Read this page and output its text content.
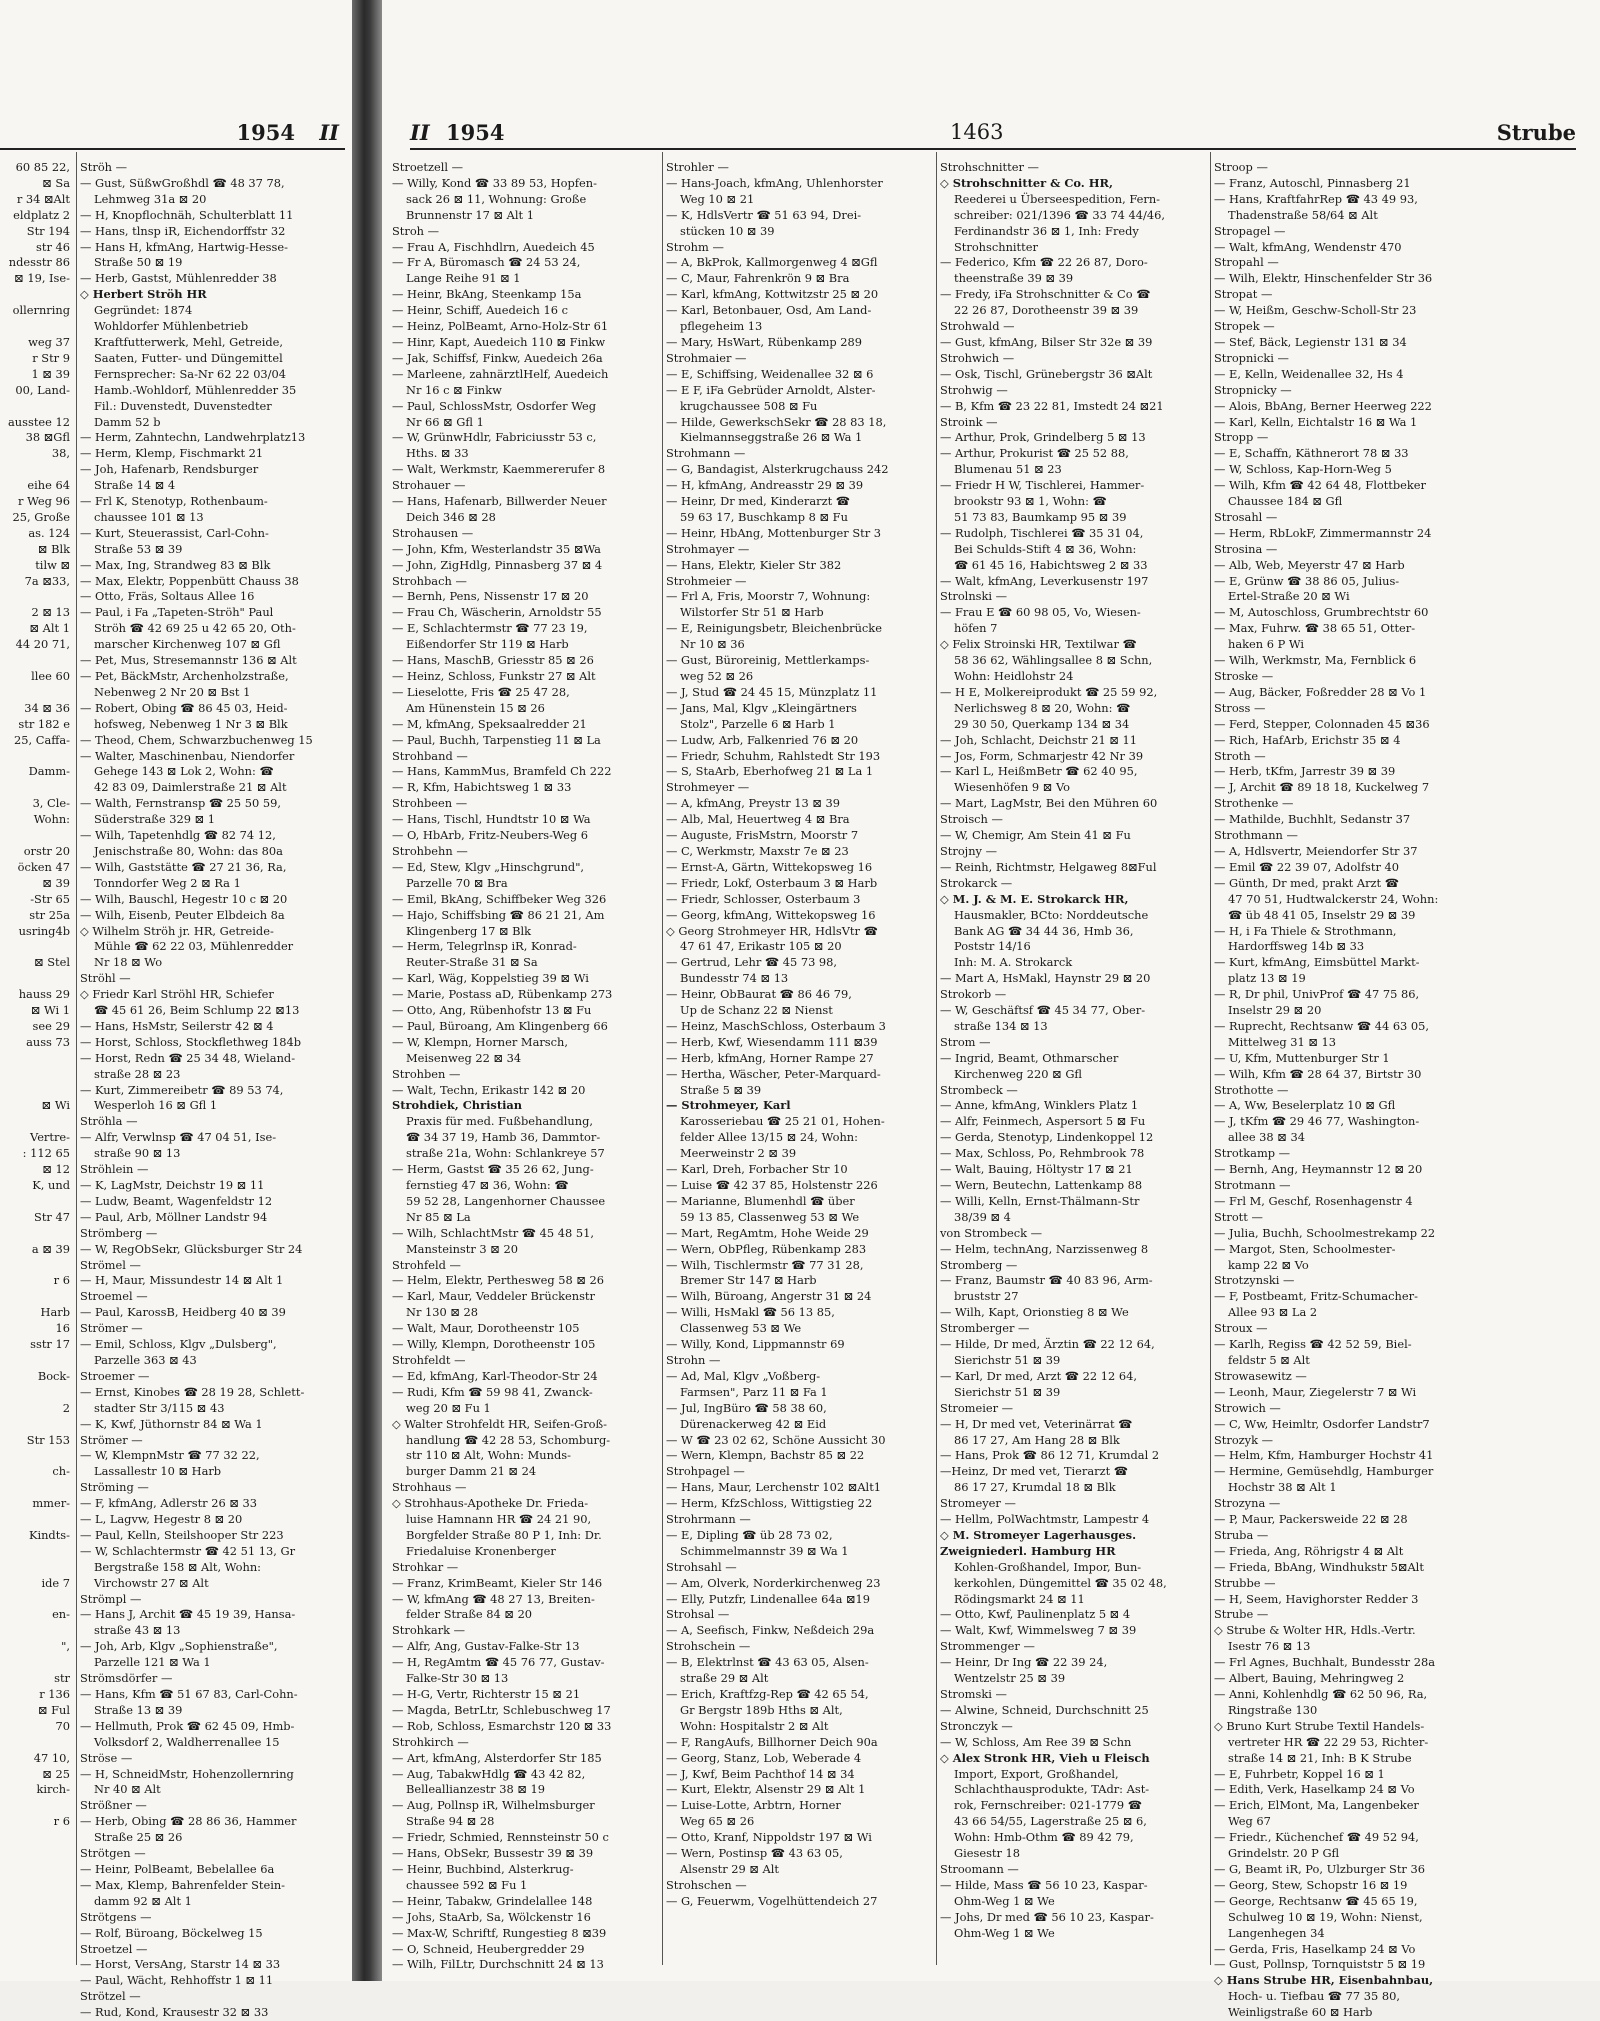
1954 II
60 85 22,
⊠ Sa
r 34 ⊠Alt
eldplatz 2
Str 194
str 46
ndesstr 86
⊠ 19, Ise-

ollernring

weg 37
r Str 9
1 ⊠ 39
00, Land-

ausstee 12
38 ⊠Gfl
38,

eihe 64
r Weg 96
25, Große
as. 124
⊠ Blk
tilw ⊠
7a ⊠33,

2 ⊠ 13
⊠ Alt 1
44 20 71,

llee 60

34 ⊠ 36
str 182 e
25, Caffa-

Damm-

3, Cle-
Wohn:

orstr 20
öcken 47
⊠ 39
-Str 65
str 25a
usring4b

⊠ Stel

hauss 29
⊠ Wi 1
see 29
auss 73

⊠ Wi

Vertre-
: 112 65
⊠ 12
K, und

Str 47

a ⊠ 39

r 6

Harb
16
sstr 17

Bock-

2

Str 153

ch-

mmer-

Kindts-

ide 7

en-

",

str
r 136
⊠ Ful
70

47 10,
⊠ 25
kirch-

r 6
Ströh —
— Gust, SüßwGroßhdl ☎ 48 37 78,
Lehmweg 31a ⊠ 20
— H, Knopflochnäh, Schulterblatt 11
— Hans, tlnsp iR, Eichendorffstr 32
— Hans H, kfmAng, Hartwig-Hesse-
Straße 50 ⊠ 19
— Herb, Gastst, Mühlenredder 38
◇ Herbert Ströh HR
Gegründet: 1874
Wohldorfer Mühlenbetrieb
Kraftfutterwerk, Mehl, Getreide,
Saaten, Futter- und Düngemittel
Fernsprecher: Sa-Nr 62 22 03/04
Hamb.-Wohldorf, Mühlenredder 35
Fil.: Duvenstedt, Duvenstedter
Damm 52 b
— Herm, Zahntechn, Landwehrplatz13
— Herm, Klemp, Fischmarkt 21
— Joh, Hafenarb, Rendsburger
Straße 14 ⊠ 4
— Frl K, Stenotyp, Rothenbaum-
chaussee 101 ⊠ 13
— Kurt, Steuerassist, Carl-Cohn-
Straße 53 ⊠ 39
— Max, Ing, Strandweg 83 ⊠ Blk
— Max, Elektr, Poppenbütt Chauss 38
— Otto, Fräs, Soltaus Allee 16
— Paul, i Fa „Tapeten-Ströh" Paul
Ströh ☎ 42 69 25 u 42 65 20, Oth-
marscher Kirchenweg 107 ⊠ Gfl
— Pet, Mus, Stresemannstr 136 ⊠ Alt
— Pet, BäckMstr, Archenholzstraße,
Nebenweg 2 Nr 20 ⊠ Bst 1
— Robert, Obing ☎ 86 45 03, Heid-
hofsweg, Nebenweg 1 Nr 3 ⊠ Blk
— Theod, Chem, Schwarzbuchenweg 15
— Walter, Maschinenbau, Niendorfer
Gehege 143 ⊠ Lok 2, Wohn: ☎
42 83 09, Daimlerstraße 21 ⊠ Alt
— Walth, Fernstransp ☎ 25 50 59,
Süderstraße 329 ⊠ 1
— Wilh, Tapetenhdlg ☎ 82 74 12,
Jenischstraße 80, Wohn: das 80a
— Wilh, Gaststätte ☎ 27 21 36, Ra,
Tonndorfer Weg 2 ⊠ Ra 1
— Wilh, Bauschl, Hegestr 10 c ⊠ 20
— Wilh, Eisenb, Peuter Elbdeich 8a
◇ Wilhelm Ströh jr. HR, Getreide-
Mühle ☎ 62 22 03, Mühlenredder
Nr 18 ⊠ Wo
Ströhl —
◇ Friedr Karl Ströhl HR, Schiefer
☎ 45 61 26, Beim Schlump 22 ⊠13
— Hans, HsMstr, Seilerstr 42 ⊠ 4
— Horst, Schloss, Stockflethweg 184b
— Horst, Redn ☎ 25 34 48, Wieland-
straße 28 ⊠ 23
— Kurt, Zimmereibetr ☎ 89 53 74,
Wesperloh 16 ⊠ Gfl 1
Ströhla —
— Alfr, Verwlnsp ☎ 47 04 51, Ise-
straße 90 ⊠ 13
Ströhlein —
— K, LagMstr, Deichstr 19 ⊠ 11
— Ludw, Beamt, Wagenfeldstr 12
— Paul, Arb, Möllner Landstr 94
Strömberg —
— W, RegObSekr, Glücksburger Str 24
Strömel —
— H, Maur, Missundestr 14 ⊠ Alt 1
Stroemel —
— Paul, KarossB, Heidberg 40 ⊠ 39
Strömer —
— Emil, Schloss, Klgv „Dulsberg",
Parzelle 363 ⊠ 43
Stroemer —
— Ernst, Kinobes ☎ 28 19 28, Schlett-
stadter Str 3/115 ⊠ 43
— K, Kwf, Jüthornstr 84 ⊠ Wa 1
Strömer —
— W, KlempnMstr ☎ 77 32 22,
Lassallestr 10 ⊠ Harb
Ströming —
— F, kfmAng, Adlerstr 26 ⊠ 33
— L, Lagvw, Hegestr 8 ⊠ 20
— Paul, Kelln, Steilshooper Str 223
— W, Schlachtermstr ☎ 42 51 13, Gr
Bergstraße 158 ⊠ Alt, Wohn:
Virchowstr 27 ⊠ Alt
Strömpl —
— Hans J, Archit ☎ 45 19 39, Hansa-
straße 43 ⊠ 13
— Joh, Arb, Klgv „Sophienstraße",
Parzelle 121 ⊠ Wa 1
Strömsdörfer —
— Hans, Kfm ☎ 51 67 83, Carl-Cohn-
Straße 13 ⊠ 39
— Hellmuth, Prok ☎ 62 45 09, Hmb-
Volksdorf 2, Waldherrenallee 15
Ströse —
— H, SchneidMstr, Hohenzollernring
Nr 40 ⊠ Alt
Strößner —
— Herb, Obing ☎ 28 86 36, Hammer
Straße 25 ⊠ 26
Strötgen —
— Heinr, PolBeamt, Bebelallee 6a
— Max, Klemp, Bahrenfelder Stein-
damm 92 ⊠ Alt 1
Strötgens —
— Rolf, Büroang, Böckelweg 15
Stroetzel —
— Horst, VersAng, Starstr 14 ⊠ 33
— Paul, Wächt, Rehhoffstr 1 ⊠ 11
Strötzel —
— Rud, Kond, Krausestr 32 ⊠ 33
II 1954	1463	Strube
Stroetzell —
— Willy, Kond ☎ 33 89 53, Hopfen-
sack 26 ⊠ 11, Wohnung: Große
Brunnenstr 17 ⊠ Alt 1
Stroh —
— Frau A, Fischhdlrn, Auedeich 45
— Fr A, Büromasch ☎ 24 53 24,
Lange Reihe 91 ⊠ 1
— Heinr, BkAng, Steenkamp 15a
— Heinr, Schiff, Auedeich 16 c
— Heinz, PolBeamt, Arno-Holz-Str 61
— Hinr, Kapt, Auedeich 110 ⊠ Finkw
— Jak, Schiffsf, Finkw, Auedeich 26a
— Marleene, zahnärztlHelf, Auedeich
Nr 16 c ⊠ Finkw
— Paul, SchlossMstr, Osdorfer Weg
Nr 66 ⊠ Gfl 1
— W, GrünwHdlr, Fabriciusstr 53 c,
Hths. ⊠ 33
— Walt, Werkmstr, Kaemmererufer 8
Strohauer —
— Hans, Hafenarb, Billwerder Neuer
Deich 346 ⊠ 28
Strohausen —
— John, Kfm, Westerlandstr 35 ⊠Wa
— John, ZigHdlg, Pinnasberg 37 ⊠ 4
Strohbach —
— Bernh, Pens, Nissenstr 17 ⊠ 20
— Frau Ch, Wäscherin, Arnoldstr 55
— E, Schlachtermstr ☎ 77 23 19,
Eißendorfer Str 119 ⊠ Harb
— Hans, MaschB, Griesstr 85 ⊠ 26
— Heinz, Schloss, Funkstr 27 ⊠ Alt
— Lieselotte, Fris ☎ 25 47 28,
Am Hünenstein 15 ⊠ 26
— M, kfmAng, Speksaalredder 21
— Paul, Buchh, Tarpenstieg 11 ⊠ La
Strohband —
— Hans, KammMus, Bramfeld Ch 222
— R, Kfm, Habichtsweg 1 ⊠ 33
Strohbeen —
— Hans, Tischl, Hundtstr 10 ⊠ Wa
— O, HbArb, Fritz-Neubers-Weg 6
Strohbehn —
— Ed, Stew, Klgv „Hinschgrund",
Parzelle 70 ⊠ Bra
— Emil, BkAng, Schiffbeker Weg 326
— Hajo, Schiffsbing ☎ 86 21 21, Am
Klingenberg 17 ⊠ Blk
— Herm, Telegrlnsp iR, Konrad-
Reuter-Straße 31 ⊠ Sa
— Karl, Wäg, Koppelstieg 39 ⊠ Wi
— Marie, Postass aD, Rübenkamp 273
— Otto, Ang, Rübenhofstr 13 ⊠ Fu
— Paul, Büroang, Am Klingenberg 66
— W, Klempn, Horner Marsch,
Meisenweg 22 ⊠ 34
Strohben —
— Walt, Techn, Erikastr 142 ⊠ 20
Strohdiek, Christian
Praxis für med. Fußbehandlung,
☎ 34 37 19, Hamb 36, Dammtor-
straße 21a, Wohn: Schlankreye 57
— Herm, Gastst ☎ 35 26 62, Jung-
fernstieg 47 ⊠ 36, Wohn: ☎
59 52 28, Langenhorner Chaussee
Nr 85 ⊠ La
— Wilh, SchlachtMstr ☎ 45 48 51,
Mansteinstr 3 ⊠ 20
Strohfeld —
— Helm, Elektr, Perthesweg 58 ⊠ 26
— Karl, Maur, Veddeler Brückenstr
Nr 130 ⊠ 28
— Walt, Maur, Dorotheenstr 105
— Willy, Klempn, Dorotheenstr 105
Strohfeldt —
— Ed, kfmAng, Karl-Theodor-Str 24
— Rudi, Kfm ☎ 59 98 41, Zwanck-
weg 20 ⊠ Fu 1
◇ Walter Strohfeldt HR, Seifen-Groß-
handlung ☎ 42 28 53, Schomburg-
str 110 ⊠ Alt, Wohn: Munds-
burger Damm 21 ⊠ 24
Strohhaus —
◇ Strohhaus-Apotheke Dr. Frieda-
luise Hamnann HR ☎ 24 21 90,
Borgfelder Straße 80 P 1, Inh: Dr.
Friedaluise Kronenberger
Strohkar —
— Franz, KrimBeamt, Kieler Str 146
— W, kfmAng ☎ 48 27 13, Breiten-
felder Straße 84 ⊠ 20
Strohkark —
— Alfr, Ang, Gustav-Falke-Str 13
— H, RegAmtm ☎ 45 76 77, Gustav-
Falke-Str 30 ⊠ 13
— H-G, Vertr, Richterstr 15 ⊠ 21
— Magda, BetrLtr, Schlebuschweg 17
— Rob, Schloss, Esmarchstr 120 ⊠ 33
Strohkirch —
— Art, kfmAng, Alsterdorfer Str 185
— Aug, TabakwHdlg ☎ 43 42 82,
Belleallianzestr 38 ⊠ 19
— Aug, Pollnsp iR, Wilhelmsburger
Straße 94 ⊠ 28
— Friedr, Schmied, Rennsteinstr 50 c
— Hans, ObSekr, Bussestr 39 ⊠ 39
— Heinr, Buchbind, Alsterkrug-
chaussee 592 ⊠ Fu 1
— Heinr, Tabakw, Grindelallee 148
— Johs, StaArb, Sa, Wölckenstr 16
— Max-W, Schriftf, Rungestieg 8 ⊠39
— O, Schneid, Heubergredder 29
— Wilh, FilLtr, Durchschnitt 24 ⊠ 13
Strohler —
— Hans-Joach, kfmAng, Uhlenhorster
Weg 10 ⊠ 21
— K, HdlsVertr ☎ 51 63 94, Drei-
stücken 10 ⊠ 39
Strohm —
— A, BkProk, Kallmorgenweg 4 ⊠Gfl
— C, Maur, Fahrenkrön 9 ⊠ Bra
— Karl, kfmAng, Kottwitzstr 25 ⊠ 20
— Karl, Betonbauer, Osd, Am Land-
pflegeheim 13
— Mary, HsWart, Rübenkamp 289
Strohmaier —
— E, Schiffsing, Weidenallee 32 ⊠ 6
— E F, iFa Gebrüder Arnoldt, Alster-
krugchaussee 508 ⊠ Fu
— Hilde, GewerkschSekr ☎ 28 83 18,
Kielmannseggstraße 26 ⊠ Wa 1
Strohmann —
— G, Bandagist, Alsterkrugchauss 242
— H, kfmAng, Andreasstr 29 ⊠ 39
— Heinr, Dr med, Kinderarzt ☎
59 63 17, Buschkamp 8 ⊠ Fu
— Heinr, HbAng, Mottenburger Str 3
Strohmayer —
— Hans, Elektr, Kieler Str 382
Strohmeier —
— Frl A, Fris, Moorstr 7, Wohnung:
Wilstorfer Str 51 ⊠ Harb
— E, Reinigungsbetr, Bleichenbrücke
Nr 10 ⊠ 36
— Gust, Büroreinig, Mettlerkamps-
weg 52 ⊠ 26
— J, Stud ☎ 24 45 15, Münzplatz 11
— Jans, Mal, Klgv „Kleingärtners
Stolz", Parzelle 6 ⊠ Harb 1
— Ludw, Arb, Falkenried 76 ⊠ 20
— Friedr, Schuhm, Rahlstedt Str 193
— S, StaArb, Eberhofweg 21 ⊠ La 1
Strohmeyer —
— A, kfmAng, Preystr 13 ⊠ 39
— Alb, Mal, Heuertweg 4 ⊠ Bra
— Auguste, FrisMstrn, Moorstr 7
— C, Werkmstr, Maxstr 7e ⊠ 23
— Ernst-A, Gärtn, Wittekopsweg 16
— Friedr, Lokf, Osterbaum 3 ⊠ Harb
— Friedr, Schlosser, Osterbaum 3
— Georg, kfmAng, Wittekopsweg 16
◇ Georg Strohmeyer HR, HdlsVtr ☎
47 61 47, Erikastr 105 ⊠ 20
— Gertrud, Lehr ☎ 45 73 98,
Bundesstr 74 ⊠ 13
— Heinr, ObBaurat ☎ 86 46 79,
Up de Schanz 22 ⊠ Nienst
— Heinz, MaschSchloss, Osterbaum 3
— Herb, Kwf, Wiesendamm 111 ⊠39
— Herb, kfmAng, Horner Rampe 27
— Hertha, Wäscher, Peter-Marquard-
Straße 5 ⊠ 39
— Strohmeyer, Karl
Karosseriebau ☎ 25 21 01, Hohen-
felder Allee 13/15 ⊠ 24, Wohn:
Meerweinstr 2 ⊠ 39
— Karl, Dreh, Forbacher Str 10
— Luise ☎ 42 37 85, Holstenstr 226
— Marianne, Blumenhdl ☎ über
59 13 85, Classenweg 53 ⊠ We
— Mart, RegAmtm, Hohe Weide 29
— Wern, ObPfleg, Rübenkamp 283
— Wilh, Tischlermstr ☎ 77 31 28,
Bremer Str 147 ⊠ Harb
— Wilh, Büroang, Angerstr 31 ⊠ 24
— Willi, HsMakl ☎ 56 13 85,
Classenweg 53 ⊠ We
— Willy, Kond, Lippmannstr 69
Strohn —
— Ad, Mal, Klgv „Voßberg-
Farmsen", Parz 11 ⊠ Fa 1
— Jul, IngBüro ☎ 58 38 60,
Dürenackerweg 42 ⊠ Eid
— W ☎ 23 02 62, Schöne Aussicht 30
— Wern, Klempn, Bachstr 85 ⊠ 22
Strohpagel —
— Hans, Maur, Lerchenstr 102 ⊠Alt1
— Herm, KfzSchloss, Wittigstieg 22
Strohrmann —
— E, Dipling ☎ üb 28 73 02,
Schimmelmannstr 39 ⊠ Wa 1
Strohsahl —
— Am, Olverk, Norderkirchenweg 23
— Elly, Putzfr, Lindenallee 64a ⊠19
Strohsal —
— A, Seefisch, Finkw, Neßdeich 29a
Strohschein —
— B, Elektrlnst ☎ 43 63 05, Alsen-
straße 29 ⊠ Alt
— Erich, Kraftfzg-Rep ☎ 42 65 54,
Gr Bergstr 189b Hths ⊠ Alt,
Wohn: Hospitalstr 2 ⊠ Alt
— F, RangAufs, Billhorner Deich 90a
— Georg, Stanz, Lob, Weberade 4
— J, Kwf, Beim Pachthof 14 ⊠ 34
— Kurt, Elektr, Alsenstr 29 ⊠ Alt 1
— Luise-Lotte, Arbtrn, Horner
Weg 65 ⊠ 26
— Otto, Kranf, Nippoldstr 197 ⊠ Wi
— Wern, Postinsp ☎ 43 63 05,
Alsenstr 29 ⊠ Alt
Strohschen —
— G, Feuerwm, Vogelhüttendeich 27
Strohschnitter —
◇ Strohschnitter & Co. HR,
Reederei u Überseespedition, Fern-
schreiber: 021/1396 ☎ 33 74 44/46,
Ferdinandstr 36 ⊠ 1, Inh: Fredy
Strohschnitter
— Federico, Kfm ☎ 22 26 87, Doro-
theenstraße 39 ⊠ 39
— Fredy, iFa Strohschnitter & Co ☎
22 26 87, Dorotheenstr 39 ⊠ 39
Strohwald —
— Gust, kfmAng, Bilser Str 32e ⊠ 39
Strohwich —
— Osk, Tischl, Grünebergstr 36 ⊠Alt
Strohwig —
— B, Kfm ☎ 23 22 81, Imstedt 24 ⊠21
Stroink —
— Arthur, Prok, Grindelberg 5 ⊠ 13
— Arthur, Prokurist ☎ 25 52 88,
Blumenau 51 ⊠ 23
— Friedr H W, Tischlerei, Hammer-
brookstr 93 ⊠ 1, Wohn: ☎
51 73 83, Baumkamp 95 ⊠ 39
— Rudolph, Tischlerei ☎ 35 31 04,
Bei Schulds-Stift 4 ⊠ 36, Wohn:
☎ 61 45 16, Habichtsweg 2 ⊠ 33
— Walt, kfmAng, Leverkusenstr 197
Strolnski —
— Frau E ☎ 60 98 05, Vo, Wiesen-
höfen 7
◇ Felix Stroinski HR, Textilwar ☎
58 36 62, Wählingsallee 8 ⊠ Schn,
Wohn: Heidlohstr 24
— H E, Molkereiprodukt ☎ 25 59 92,
Nerlichsweg 8 ⊠ 20, Wohn: ☎
29 30 50, Querkamp 134 ⊠ 34
— Joh, Schlacht, Deichstr 21 ⊠ 11
— Jos, Form, Schmarjestr 42 Nr 39
— Karl L, HeißmBetr ☎ 62 40 95,
Wiesenhöfen 9 ⊠ Vo
— Mart, LagMstr, Bei den Mühren 60
Stroisch —
— W, Chemigr, Am Stein 41 ⊠ Fu
Strojny —
— Reinh, Richtmstr, Helgaweg 8⊠Ful
Strokarck —
◇ M. J. & M. E. Strokarck HR,
Hausmakler, BCto: Norddeutsche
Bank AG ☎ 34 44 36, Hmb 36,
Poststr 14/16
Inh: M. A. Strokarck
— Mart A, HsMakl, Haynstr 29 ⊠ 20
Strokorb —
— W, Geschäftsf ☎ 45 34 77, Ober-
straße 134 ⊠ 13
Strom —
— Ingrid, Beamt, Othmarscher
Kirchenweg 220 ⊠ Gfl
Strombeck —
— Anne, kfmAng, Winklers Platz 1
— Alfr, Feinmech, Aspersort 5 ⊠ Fu
— Gerda, Stenotyp, Lindenkoppel 12
— Max, Schloss, Po, Rehmbrook 78
— Walt, Bauing, Höltystr 17 ⊠ 21
— Wern, Beutechn, Lattenkamp 88
— Willi, Kelln, Ernst-Thälmann-Str
38/39 ⊠ 4
von Strombeck —
— Helm, technAng, Narzissenweg 8
Stromberg —
— Franz, Baumstr ☎ 40 83 96, Arm-
bruststr 27
— Wilh, Kapt, Orionstieg 8 ⊠ We
Stromberger —
— Hilde, Dr med, Ärztin ☎ 22 12 64,
Sierichstr 51 ⊠ 39
— Karl, Dr med, Arzt ☎ 22 12 64,
Sierichstr 51 ⊠ 39
Stromeier —
— H, Dr med vet, Veterinärrat ☎
86 17 27, Am Hang 28 ⊠ Blk
— Hans, Prok ☎ 86 12 71, Krumdal 2
—Heinz, Dr med vet, Tierarzt ☎
86 17 27, Krumdal 18 ⊠ Blk
Stromeyer —
— Hellm, PolWachtmstr, Lampestr 4
◇ M. Stromeyer Lagerhausges.
Zweigniederl. Hamburg HR
Kohlen-Großhandel, Impor, Bun-
kerkohlen, Düngemittel ☎ 35 02 48,
Rödingsmarkt 24 ⊠ 11
— Otto, Kwf, Paulinenplatz 5 ⊠ 4
— Walt, Kwf, Wimmelsweg 7 ⊠ 39
Strommenger —
— Heinr, Dr Ing ☎ 22 39 24,
Wentzelstr 25 ⊠ 39
Stromski —
— Alwine, Schneid, Durchschnitt 25
Stronczyk —
— W, Schloss, Am Ree 39 ⊠ Schn
◇ Alex Stronk HR, Vieh u Fleisch
Import, Export, Großhandel,
Schlachthausprodukte, TAdr: Ast-
rok, Fernschreiber: 021-1779 ☎
43 66 54/55, Lagerstraße 25 ⊠ 6,
Wohn: Hmb-Othm ☎ 89 42 79,
Giesestr 18
Stroomann —
— Hilde, Mass ☎ 56 10 23, Kaspar-
Ohm-Weg 1 ⊠ We
— Johs, Dr med ☎ 56 10 23, Kaspar-
Ohm-Weg 1 ⊠ We
Stroop —
— Franz, Autoschl, Pinnasberg 21
— Hans, KraftfahrRep ☎ 43 49 93,
Thadenstraße 58/64 ⊠ Alt
Stropagel —
— Walt, kfmAng, Wendenstr 470
Stropahl —
— Wilh, Elektr, Hinschenfelder Str 36
Stropat —
— W, Heißm, Geschw-Scholl-Str 23
Stropek —
— Stef, Bäck, Legienstr 131 ⊠ 34
Stropnicki —
— E, Kelln, Weidenallee 32, Hs 4
Stropnicky —
— Alois, BbAng, Berner Heerweg 222
— Karl, Kelln, Eichtalstr 16 ⊠ Wa 1
Stropp —
— E, Schaffn, Käthnerort 78 ⊠ 33
— W, Schloss, Kap-Horn-Weg 5
— Wilh, Kfm ☎ 42 64 48, Flottbeker
Chaussee 184 ⊠ Gfl
Strosahl —
— Herm, RbLokF, Zimmermannstr 24
Strosina —
— Alb, Web, Meyerstr 47 ⊠ Harb
— E, Grünw ☎ 38 86 05, Julius-
Ertel-Straße 20 ⊠ Wi
— M, Autoschloss, Grumbrechtstr 60
— Max, Fuhrw. ☎ 38 65 51, Otter-
haken 6 P Wi
— Wilh, Werkmstr, Ma, Fernblick 6
Stroske —
— Aug, Bäcker, Foßredder 28 ⊠ Vo 1
Stross —
— Ferd, Stepper, Colonnaden 45 ⊠36
— Rich, HafArb, Erichstr 35 ⊠ 4
Stroth —
— Herb, tKfm, Jarrestr 39 ⊠ 39
— J, Archit ☎ 89 18 18, Kuckelweg 7
Strothenke —
— Mathilde, Buchhlt, Sedanstr 37
Strothmann —
— A, Hdlsvertr, Meiendorfer Str 37
— Emil ☎ 22 39 07, Adolfstr 40
— Günth, Dr med, prakt Arzt ☎
47 70 51, Hudtwalckerstr 24, Wohn:
☎ üb 48 41 05, Inselstr 29 ⊠ 39
— H, i Fa Thiele & Strothmann,
Hardorffsweg 14b ⊠ 33
— Kurt, kfmAng, Eimsbüttel Markt-
platz 13 ⊠ 19
— R, Dr phil, UnivProf ☎ 47 75 86,
Inselstr 29 ⊠ 20
— Ruprecht, Rechtsanw ☎ 44 63 05,
Mittelweg 31 ⊠ 13
— U, Kfm, Muttenburger Str 1
— Wilh, Kfm ☎ 28 64 37, Birtstr 30
Strothotte —
— A, Ww, Beselerplatz 10 ⊠ Gfl
— J, tKfm ☎ 29 46 77, Washington-
allee 38 ⊠ 34
Strotkamp —
— Bernh, Ang, Heymannstr 12 ⊠ 20
Strotmann —
— Frl M, Geschf, Rosenhagenstr 4
Strott —
— Julia, Buchh, Schoolmestrekamp 22
— Margot, Sten, Schoolmester-
kamp 22 ⊠ Vo
Strotzynski —
— F, Postbeamt, Fritz-Schumacher-
Allee 93 ⊠ La 2
Stroux —
— Karlh, Regiss ☎ 42 52 59, Biel-
feldstr 5 ⊠ Alt
Strowasewitz —
— Leonh, Maur, Ziegelerstr 7 ⊠ Wi
Strowich —
— C, Ww, Heimltr, Osdorfer Landstr7
Strozyk —
— Helm, Kfm, Hamburger Hochstr 41
— Hermine, Gemüsehdlg, Hamburger
Hochstr 38 ⊠ Alt 1
Strozyna —
— P, Maur, Packersweide 22 ⊠ 28
Struba —
— Frieda, Ang, Röhrigstr 4 ⊠ Alt
— Frieda, BbAng, Windhukstr 5⊠Alt
Strubbe —
— H, Seem, Havighorster Redder 3
Strube —
◇ Strube & Wolter HR, Hdls.-Vertr.
Isestr 76 ⊠ 13
— Frl Agnes, Buchhalt, Bundesstr 28a
— Albert, Bauing, Mehringweg 2
— Anni, Kohlenhdlg ☎ 62 50 96, Ra,
Ringstraße 130
◇ Bruno Kurt Strube Textil Handels-
vertreter HR ☎ 22 29 53, Richter-
straße 14 ⊠ 21, Inh: B K Strube
— E, Fuhrbetr, Koppel 16 ⊠ 1
— Edith, Verk, Haselkamp 24 ⊠ Vo
— Erich, ElMont, Ma, Langenbeker
Weg 67
— Friedr., Küchenchef ☎ 49 52 94,
Grindelstr. 20 P Gfl
— G, Beamt iR, Po, Ulzburger Str 36
— Georg, Stew, Schopstr 16 ⊠ 19
— George, Rechtsanw ☎ 45 65 19,
Schulweg 10 ⊠ 19, Wohn: Nienst,
Langenhegen 34
— Gerda, Fris, Haselkamp 24 ⊠ Vo
— Gust, Pollnsp, Tornquiststr 5 ⊠ 19
◇ Hans Strube HR, Eisenbahnbau,
Hoch- u. Tiefbau ☎ 77 35 80,
Weinligstraße 60 ⊠ Harb
